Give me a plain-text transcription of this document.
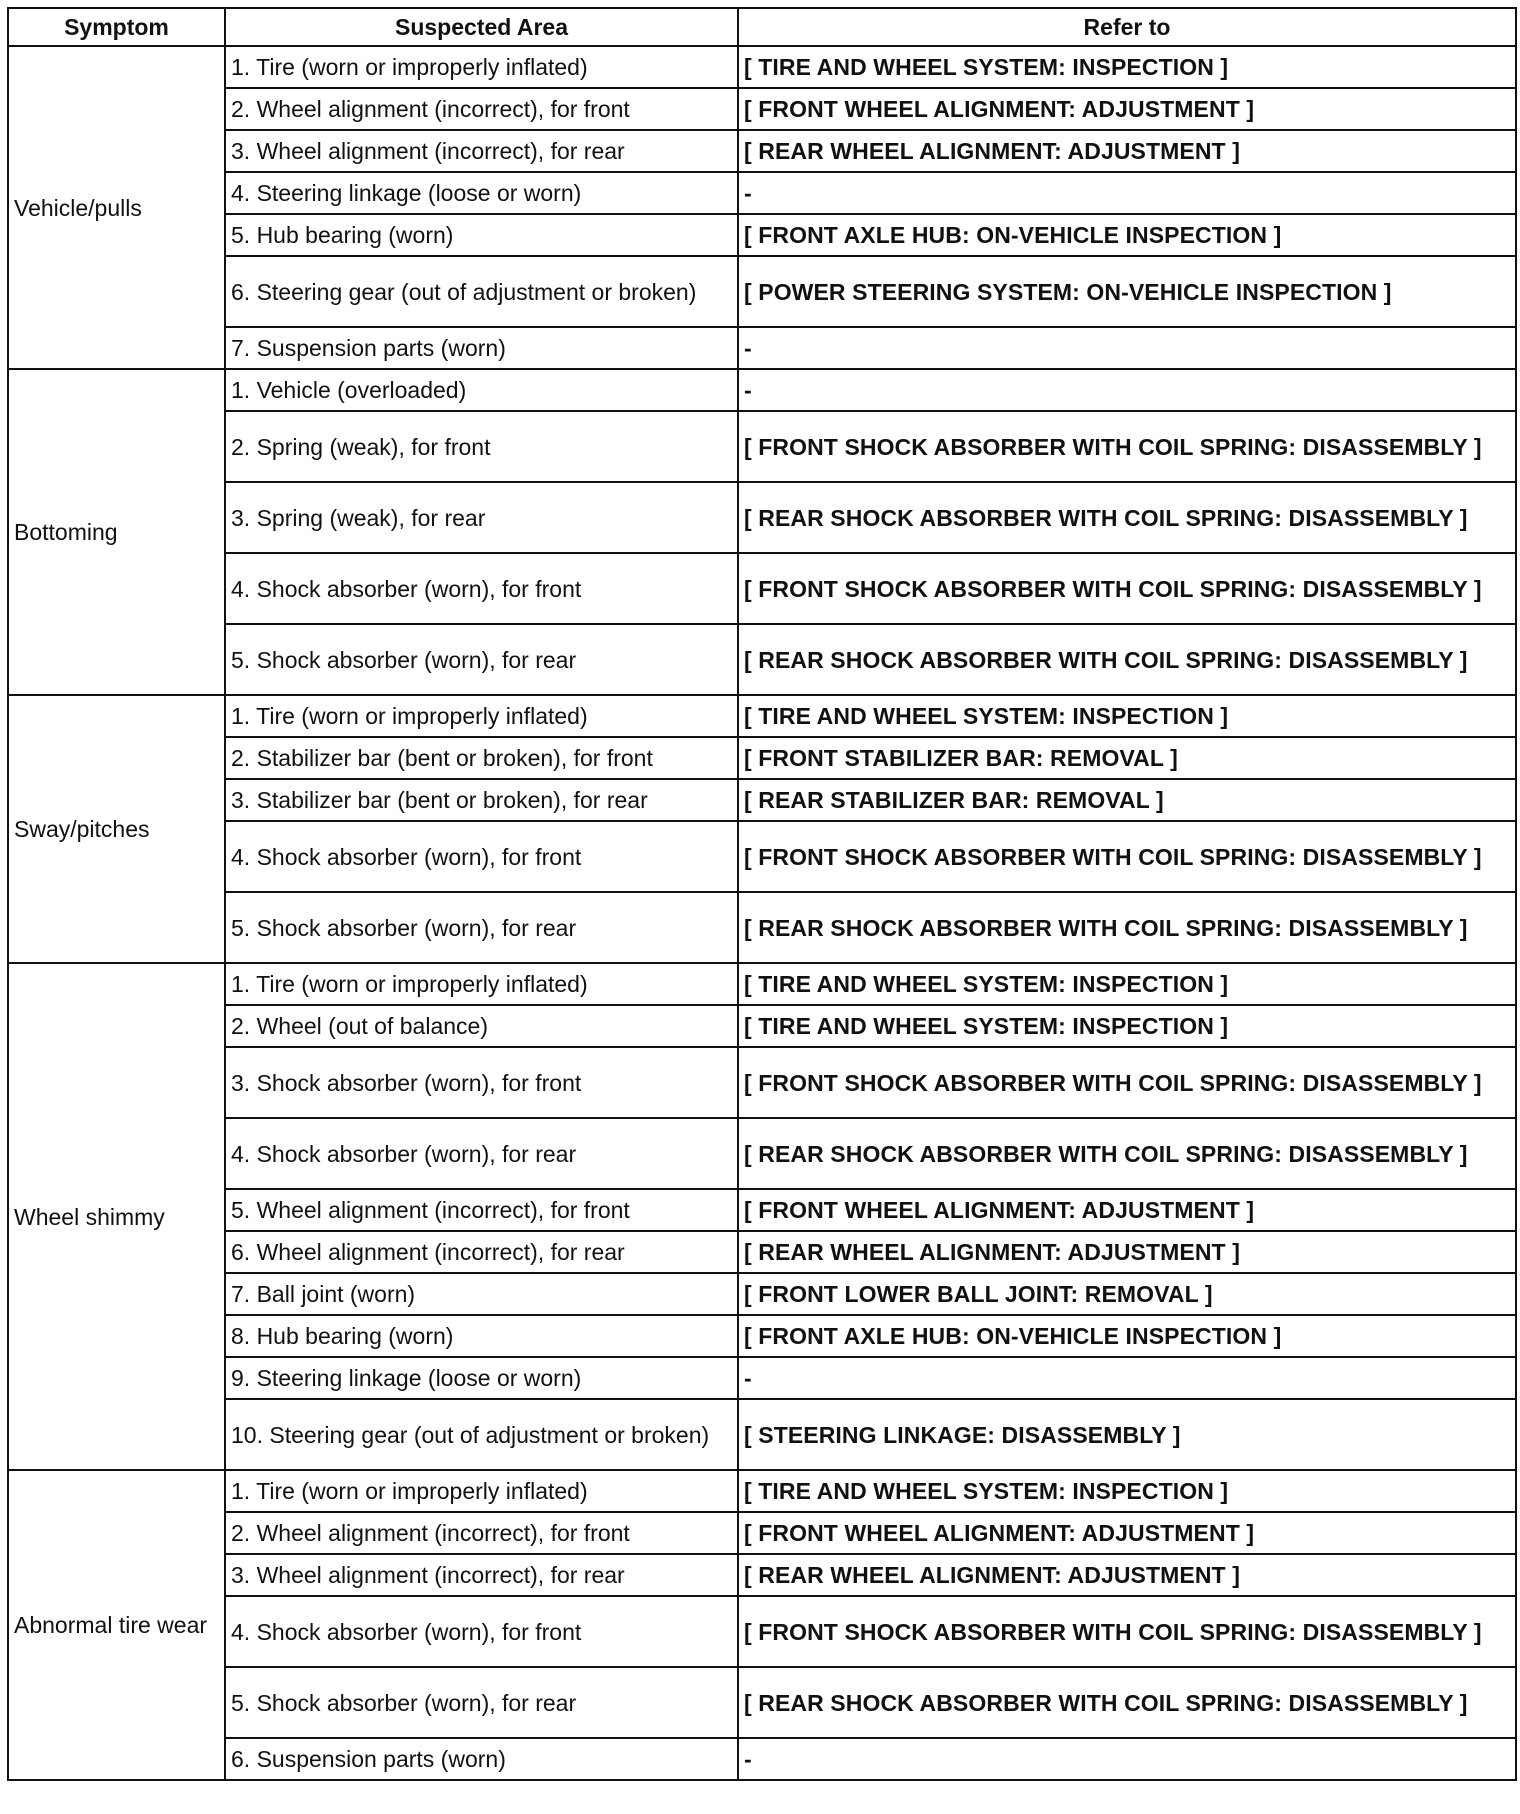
Symptom	Suspected Area	Refer to
Vehicle/pulls	1. Tire (worn or improperly inflated)	[ TIRE AND WHEEL SYSTEM: INSPECTION ]
	2. Wheel alignment (incorrect), for front	[ FRONT WHEEL ALIGNMENT: ADJUSTMENT ]
	3. Wheel alignment (incorrect), for rear	[ REAR WHEEL ALIGNMENT: ADJUSTMENT ]
	4. Steering linkage (loose or worn)	-
	5. Hub bearing (worn)	[ FRONT AXLE HUB: ON-VEHICLE INSPECTION ]
	6. Steering gear (out of adjustment or broken)	[ POWER STEERING SYSTEM: ON-VEHICLE INSPECTION ]
	7. Suspension parts (worn)	-
Bottoming	1. Vehicle (overloaded)	-
	2. Spring (weak), for front	[ FRONT SHOCK ABSORBER WITH COIL SPRING: DISASSEMBLY ]
	3. Spring (weak), for rear	[ REAR SHOCK ABSORBER WITH COIL SPRING: DISASSEMBLY ]
	4. Shock absorber (worn), for front	[ FRONT SHOCK ABSORBER WITH COIL SPRING: DISASSEMBLY ]
	5. Shock absorber (worn), for rear	[ REAR SHOCK ABSORBER WITH COIL SPRING: DISASSEMBLY ]
Sway/pitches	1. Tire (worn or improperly inflated)	[ TIRE AND WHEEL SYSTEM: INSPECTION ]
	2. Stabilizer bar (bent or broken), for front	[ FRONT STABILIZER BAR: REMOVAL ]
	3. Stabilizer bar (bent or broken), for rear	[ REAR STABILIZER BAR: REMOVAL ]
	4. Shock absorber (worn), for front	[ FRONT SHOCK ABSORBER WITH COIL SPRING: DISASSEMBLY ]
	5. Shock absorber (worn), for rear	[ REAR SHOCK ABSORBER WITH COIL SPRING: DISASSEMBLY ]
Wheel shimmy	1. Tire (worn or improperly inflated)	[ TIRE AND WHEEL SYSTEM: INSPECTION ]
	2. Wheel (out of balance)	[ TIRE AND WHEEL SYSTEM: INSPECTION ]
	3. Shock absorber (worn), for front	[ FRONT SHOCK ABSORBER WITH COIL SPRING: DISASSEMBLY ]
	4. Shock absorber (worn), for rear	[ REAR SHOCK ABSORBER WITH COIL SPRING: DISASSEMBLY ]
	5. Wheel alignment (incorrect), for front	[ FRONT WHEEL ALIGNMENT: ADJUSTMENT ]
	6. Wheel alignment (incorrect), for rear	[ REAR WHEEL ALIGNMENT: ADJUSTMENT ]
	7. Ball joint (worn)	[ FRONT LOWER BALL JOINT: REMOVAL ]
	8. Hub bearing (worn)	[ FRONT AXLE HUB: ON-VEHICLE INSPECTION ]
	9. Steering linkage (loose or worn)	-
	10. Steering gear (out of adjustment or broken)	[ STEERING LINKAGE: DISASSEMBLY ]
Abnormal tire wear	1. Tire (worn or improperly inflated)	[ TIRE AND WHEEL SYSTEM: INSPECTION ]
	2. Wheel alignment (incorrect), for front	[ FRONT WHEEL ALIGNMENT: ADJUSTMENT ]
	3. Wheel alignment (incorrect), for rear	[ REAR WHEEL ALIGNMENT: ADJUSTMENT ]
	4. Shock absorber (worn), for front	[ FRONT SHOCK ABSORBER WITH COIL SPRING: DISASSEMBLY ]
	5. Shock absorber (worn), for rear	[ REAR SHOCK ABSORBER WITH COIL SPRING: DISASSEMBLY ]
	6. Suspension parts (worn)	-
